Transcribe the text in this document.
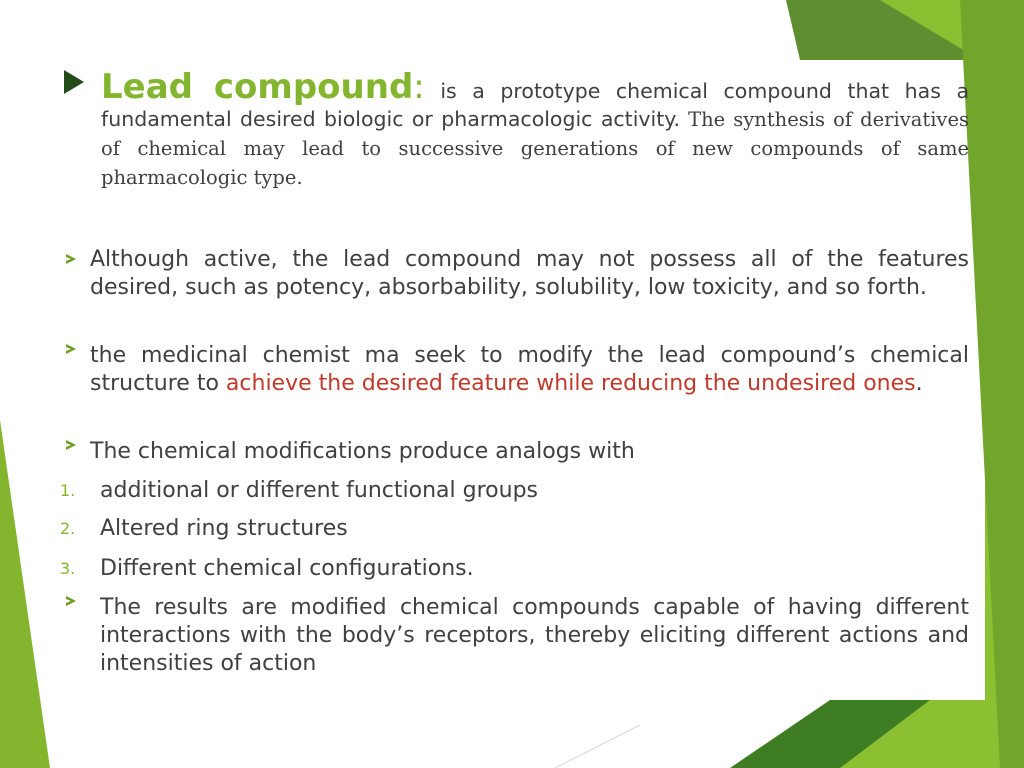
Lead compound: is a prototype chemical compound that has a fundamental desired biologic or pharmacologic activity. The synthesis of derivatives of chemical may lead to successive generations of new compounds of same pharmacologic type.
Although active, the lead compound may not possess all of the features desired, such as potency, absorbability, solubility, low toxicity, and so forth.
the medicinal chemist ma seek to modify the lead compound’s chemical structure to achieve the desired feature while reducing the undesired ones.
The chemical modifications produce analogs with
1. additional or different functional groups
2. Altered ring structures
3. Different chemical configurations.
The results are modified chemical compounds capable of having different interactions with the body’s receptors, thereby eliciting different actions and intensities of action
